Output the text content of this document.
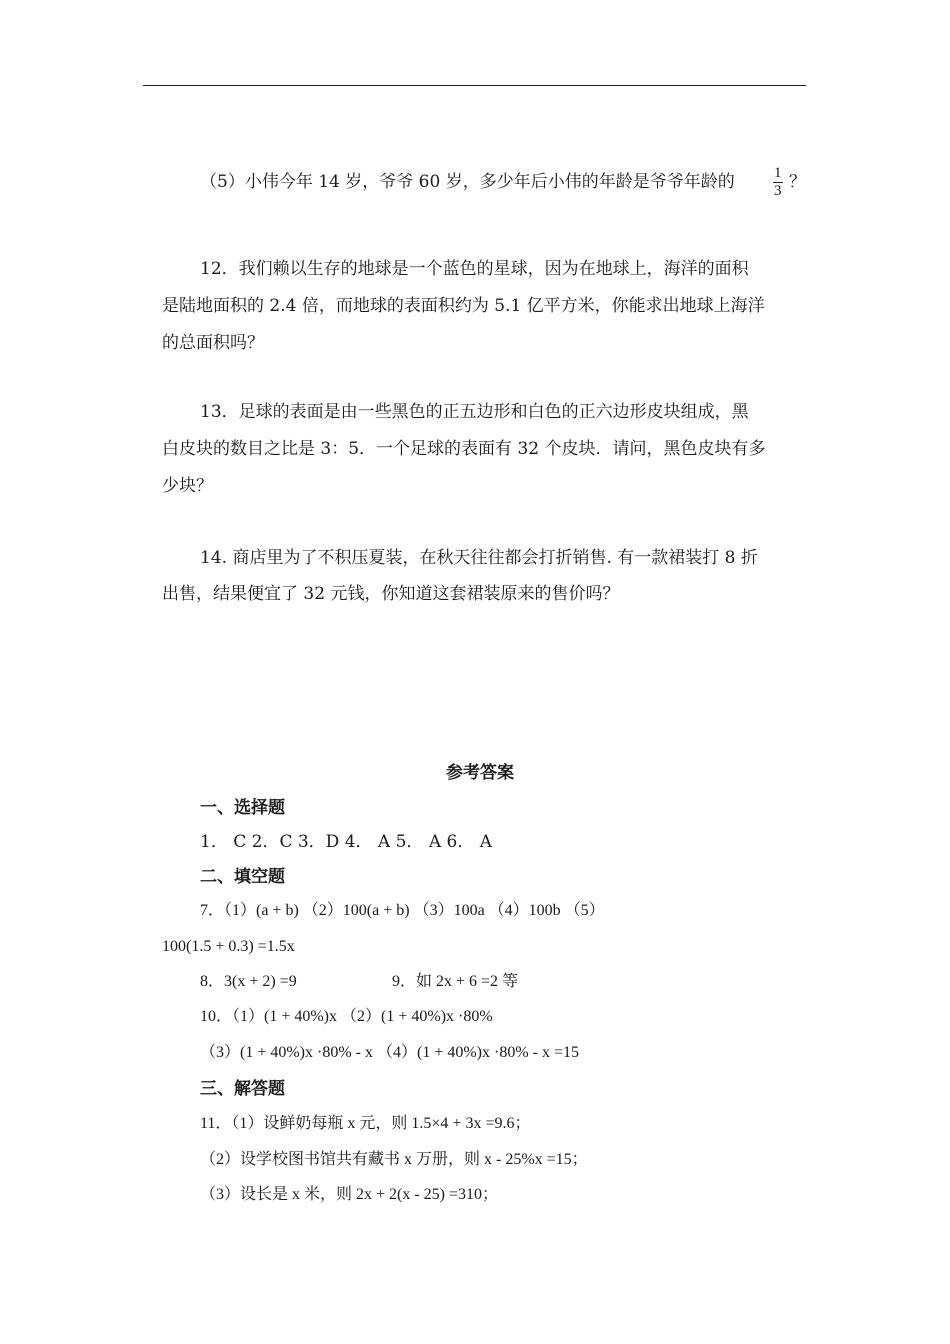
（5）小伟今年 14 岁，爷爷 60 岁，多少年后小伟的年龄是爷爷年龄的	$\frac{1}{3}$ ？
12．我们赖以生存的地球是一个蓝色的星球，因为在地球上，海洋的面积
是陆地面积的 2.4 倍，而地球的表面积约为 5.1 亿平方米，你能求出地球上海洋
的总面积吗？
13．足球的表面是由一些黑色的正五边形和白色的正六边形皮块组成，黑
白皮块的数目之比是 3：5．一个足球的表面有 32 个皮块．请问，黑色皮块有多
少块？
14. 商店里为了不积压夏装，在秋天往往都会打折销售. 有一款裙装打 8 折
出售，结果便宜了 32 元钱，你知道这套裙装原来的售价吗？
参考答案
一、选择题
1． C 2．C 3．D 4． A 5． A 6． A
二、填空题
7．（1）(a + b) （2）100(a + b) （3）100a （4）100b （5）
100(1.5 + 0.3) =1.5x
8．3(x + 2) =9	9．如 2x + 6 =2 等
10．（1）(1 + 40%)x （2）(1 + 40%)x ·80%
（3）(1 + 40%)x ·80% - x （4）(1 + 40%)x ·80% - x =15
三、解答题
11．（1）设鲜奶每瓶 x 元，则 1.5×4 + 3x =9.6；
（2）设学校图书馆共有藏书 x 万册，则 x - 25%x =15；
（3）设长是 x 米，则 2x + 2(x - 25) =310；
